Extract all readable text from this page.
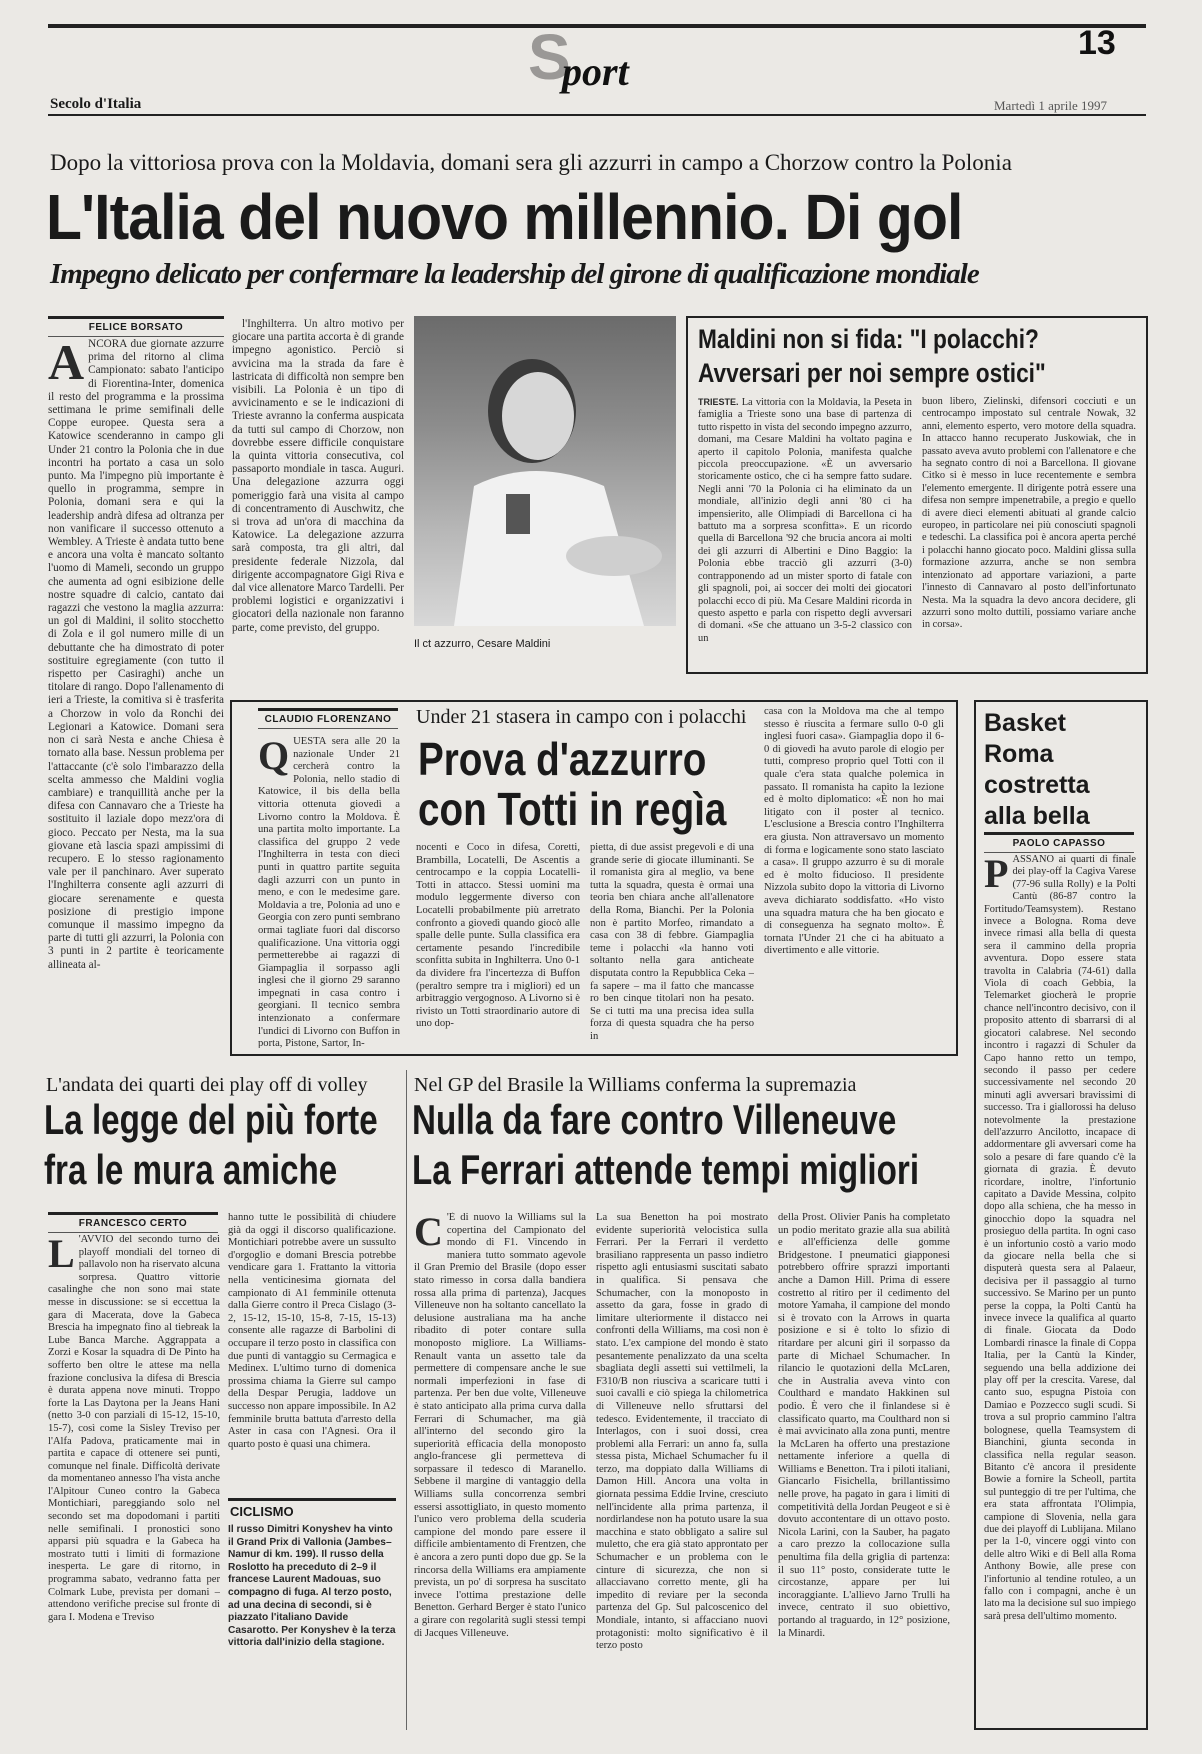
S
port
13
Secolo d'Italia	Martedì 1 aprile 1997
Dopo la vittoriosa prova con la Moldavia, domani sera gli azzurri in campo a Chorzow contro la Polonia
L'Italia del nuovo millennio. Di gol
Impegno delicato per confermare la leadership del girone di qualificazione mondiale
FELICE BORSATO
A NCORA due giornate azzurre prima del ritorno al clima Campionato: sabato l'anticipo di Fiorentina-Inter, domenica il resto del programma e la prossima settimana le prime semifinali delle Coppe europee. Questa sera a Katowice scenderanno in campo gli Under 21 contro la Polonia che in due incontri ha portato a casa un solo punto. Ma l'impegno più importante è quello in programma, sempre in Polonia, domani sera e qui la leadership andrà difesa ad oltranza per non vanificare il successo ottenuto a Wembley. A Trieste è andata tutto bene e ancora una volta è mancato soltanto l'uomo di Mameli, secondo un gruppo che aumenta ad ogni esibizione delle nostre squadre di calcio, cantato dai ragazzi che vestono la maglia azzurra: un gol di Maldini, il solito stocchetto di Zola e il gol numero mille di un debuttante che ha dimostrato di poter sostituire egregiamente (con tutto il rispetto per Casiraghi) anche un titolare di rango. Dopo l'allenamento di ieri a Trieste, la comitiva si è trasferita a Chorzow in volo da Ronchi dei Legionari a Katowice. Domani sera non ci sarà Nesta e anche Chiesa è tornato alla base. Nessun problema per l'attaccante (c'è solo l'imbarazzo della scelta ammesso che Maldini voglia cambiare) e tranquillità anche per la difesa con Cannavaro che a Trieste ha sostituito il laziale dopo mezz'ora di gioco. Peccato per Nesta, ma la sua giovane età lascia spazi ampissimi di recupero. E lo stesso ragionamento vale per il panchinaro. Aver superato l'Inghilterra consente agli azzurri di giocare serenamente e questa posizione di prestigio impone comunque il massimo impegno da parte di tutti gli azzurri, la Polonia con 3 punti in 2 partite è teoricamente allineata al-

l'Inghilterra. Un altro motivo per giocare una partita accorta è di grande impegno agonistico. Perciò si avvicina ma la strada da fare è lastricata di difficoltà non sempre ben visibili. La Polonia è un tipo di avvicinamento e se le indicazioni di Trieste avranno la conferma auspicata da tutti sul campo di Chorzow, non dovrebbe essere difficile conquistare la quinta vittoria consecutiva, col passaporto mondiale in tasca. Auguri. Una delegazione azzurra oggi pomeriggio farà una visita al campo di concentramento di Auschwitz, che si trova ad un'ora di macchina da Katowice. La delegazione azzurra sarà composta, tra gli altri, dal presidente federale Nizzola, dal dirigente accompagnatore Gigi Riva e dal vice allenatore Marco Tardelli. Per problemi logistici e organizzativi i giocatori della nazionale non faranno parte, come previsto, del gruppo.

Il ct azzurro, Cesare Maldini
Maldini non si fida: "I polacchi?
Avversari per noi sempre ostici"
TRIESTE. La vittoria con la Moldavia, la Peseta in famiglia a Trieste sono una base di partenza di tutto rispetto in vista del secondo impegno azzurro, domani, ma Cesare Maldini ha voltato pagina e aperto il capitolo Polonia, manifesta qualche piccola preoccupazione. «È un avversario storicamente ostico, che ci ha sempre fatto sudare. Negli anni '70 la Polonia ci ha eliminato da un mondiale, all'inizio degli anni '80 ci ha impensierito, alle Olimpiadi di Barcellona ci ha battuto ma a sorpresa sconfitta». E un ricordo quella di Barcellona '92 che brucia ancora ai molti dei gli azzurri di Albertini e Dino Baggio: la Polonia ebbe tracciò gli azzurri (3-0) contrapponendo ad un mister sporto di fatale con gli spagnoli, poi, ai soccer dei molti dei giocatori polacchi ecco di più. Ma Cesare Maldini ricorda in questo aspetto e parla con rispetto degli avversari di domani. «Se che attuano un 3-5-2 classico con un
buon libero, Zielinski, difensori cocciuti e un centrocampo impostato sul centrale Nowak, 32 anni, elemento esperto, vero motore della squadra. In attacco hanno recuperato Juskowiak, che in passato aveva avuto problemi con l'allenatore e che ha segnato contro di noi a Barcellona. Il giovane Citko si è messo in luce recentemente e sembra l'elemento emergente. Il dirigente potrà essere una difesa non sempre impenetrabile, a pregio e quello di avere dieci elementi abituati al grande calcio europeo, in particolare nei più conosciuti spagnoli e tedeschi. La classifica poi è ancora aperta perché i polacchi hanno giocato poco. Maldini glissa sulla formazione azzurra, anche se non sembra intenzionato ad apportare variazioni, a parte l'innesto di Cannavaro al posto dell'infortunato Nesta. Ma la squadra la devo ancora decidere, gli azzurri sono molto duttili, possiamo variare anche in corsa».
CLAUDIO FLORENZANO	Under 21 stasera in campo con i polacchi
Prova d'azzurro
con Totti in regìa
QUESTA sera alle 20 la nazionale Under 21 cercherà contro la Polonia, nello stadio di Katowice, il bis della bella vittoria ottenuta giovedì a Livorno contro la Moldova. È una partita molto importante. La classifica del gruppo 2 vede l'Inghilterra in testa con dieci punti in quattro partite seguita dagli azzurri con un punto in meno, e con le medesime gare. Moldavia a tre, Polonia ad uno e Georgia con zero punti sembrano ormai tagliate fuori dal discorso qualificazione. Una vittoria oggi permetterebbe ai ragazzi di Giampaglia il sorpasso agli inglesi che il giorno 29 saranno impegnati in casa contro i georgiani. Il tecnico sembra intenzionato a confermare l'undici di Livorno con Buffon in porta, Pistone, Sartor, In-
nocenti e Coco in difesa, Coretti, Brambilla, Locatelli, De Ascentis a centrocampo e la coppia Locatelli-Totti in attacco. Stessi uomini ma modulo leggermente diverso con Locatelli probabilmente più arretrato confronto a giovedì quando giocò alle spalle delle punte. Sulla classifica era certamente pesando l'incredibile sconfitta subita in Inghilterra. Uno 0-1 da dividere fra l'incertezza di Buffon (peraltro sempre tra i migliori) ed un arbitraggio vergognoso. A Livorno si è rivisto un Totti straordinario autore di uno dop-
pietta, di due assist pregevoli e di una grande serie di giocate illuminanti. Se il romanista gira al meglio, va bene tutta la squadra, questa è ormai una teoria ben chiara anche all'allenatore della Roma, Bianchi. Per la Polonia non è partito Morfeo, rimandato a casa con 38 di febbre. Giampaglia teme i polacchi «la hanno voti soltanto nella gara anticheate disputata contro la Repubblica Ceka – fa sapere – ma il fatto che mancasse ro ben cinque titolari non ha pesato. Se ci tutti ma una precisa idea sulla forza di questa squadra che ha perso in
casa con la Moldova ma che al tempo stesso è riuscita a fermare sullo 0-0 gli inglesi fuori casa». Giampaglia dopo il 6-0 di giovedì ha avuto parole di elogio per tutti, compreso proprio quel Totti con il quale c'era stata qualche polemica in passato. Il romanista ha capito la lezione ed è molto diplomatico: «È non ho mai litigato con il poster al tecnico. L'esclusione a Brescia contro l'Inghilterra era giusta. Non attraversavo un momento di forma e logicamente sono stato lasciato a casa». Il gruppo azzurro è su di morale ed è molto fiducioso. Il presidente Nizzola subito dopo la vittoria di Livorno aveva dichiarato soddisfatto. «Ho visto una squadra matura che ha ben giocato e di conseguenza ha segnato molto». È tornata l'Under 21 che ci ha abituato a divertimento e alle vittorie.
Basket Roma costretta alla bella
PAOLO CAPASSO
PASSANO ai quarti di finale dei play-off la Cagiva Varese (77-96 sulla Rolly) e la Polti Cantù (86-87 contro la Fortitudo/Teamsystem). Restano invece a Bologna. Roma deve invece rimasi alla bella di questa sera il cammino della propria avventura. Dopo essere stata travolta in Calabria (74-61) dalla Viola di coach Gebbia, la Telemarket giocherà le proprie chance nell'incontro decisivo, con il proposito attento di sbarrarsi di al giocatori calabrese. Nel secondo incontro i ragazzi di Schuler da Capo hanno retto un tempo, secondo il passo per cedere successivamente nel secondo 20 minuti agli avversari bravissimi di successo. Tra i giallorossi ha deluso notevolmente la prestazione dell'azzurro Ancilotto, incapace di addormentare gli avversari come ha solo a pesare di fare quando c'è la giornata di grazia. È devuto ricordare, inoltre, l'infortunio capitato a Davide Messina, colpito dopo alla schiena, che ha messo in ginocchio dopo la squadra nel prosieguo della partita. In ogni caso è un infortunio costò a vario modo da giocare nella bella che si disputerà questa sera al Palaeur, decisiva per il passaggio al turno successivo. Se Marino per un punto perse la coppa, la Polti Cantù ha invece invece la qualifica al quarto di finale. Giocata da Dodo Lombardi rinasce la finale di Coppa Italia, per la Cantù la Kinder, seguendo una bella addizione dei play off per la crescita. Varese, dal canto suo, espugna Pistoia con Damiao e Pozzecco sugli scudi. Si trova a sul proprio cammino l'altra bolognese, quella Teamsystem di Bianchini, giunta seconda in classifica nella regular season. Bitanto c'è ancora il presidente Bowie a fornire la Scheoll, partita sul punteggio di tre per l'ultima, che era stata affrontata l'Olimpia, campione di Slovenia, nella gara due dei playoff di Lublijana. Milano per la 1-0, vincere oggi vinto con delle altro Wiki e di Bell alla Roma Anthony Bowie, alle prese con l'infortunio al tendine rotuleo, a un fallo con i compagni, anche è un lato ma la decisione sul suo impiego sarà presa dell'ultimo momento.
L'andata dei quarti dei play off di volley
La legge del più forte
fra le mura amiche
FRANCESCO CERTO
L 'AVVIO del secondo turno dei playoff mondiali del torneo di pallavolo non ha riservato alcuna sorpresa. Quattro vittorie casalinghe che non sono mai state messe in discussione: se si eccettua la gara di Macerata, dove la Gabeca Brescia ha impegnato fino al tiebreak la Lube Banca Marche. Aggrappata a Zorzi e Kosar la squadra di De Pinto ha sofferto ben oltre le attese ma nella frazione conclusiva la difesa di Brescia è durata appena nove minuti. Troppo forte la Las Daytona per la Jeans Hani (netto 3-0 con parziali di 15-12, 15-10, 15-7), così come la Sisley Treviso per l'Alfa Padova, praticamente mai in partita e capace di ottenere sei punti, comunque nel finale. Difficoltà derivate da momentaneo annesso l'ha vista anche l'Alpitour Cuneo contro la Gabeca Montichiari, pareggiando solo nel secondo set ma dopodomani i partiti nelle semifinali. I pronostici sono apparsi più squadra e la Gabeca ha mostrato tutti i limiti di formazione inesperta. Le gare di ritorno, in programma sabato, vedranno fatta per Colmark Lube, prevista per domani – attendono verifiche precise sul fronte di gara I. Modena e Treviso
hanno tutte le possibilità di chiudere già da oggi il discorso qualificazione. Montichiari potrebbe avere un sussulto d'orgoglio e domani Brescia potrebbe vendicare gara 1. Frattanto la vittoria nella venticinesima giornata del campionato di A1 femminile ottenuta dalla Gierre contro il Preca Cislago (3-2, 15-12, 15-10, 15-8, 7-15, 15-13) consente alle ragazze di Barbolini di occupare il terzo posto in classifica con due punti di vantaggio su Cermagica e Medinex. L'ultimo turno di domenica prossima chiama la Gierre sul campo della Despar Perugia, laddove un successo non appare impossibile. In A2 femminile brutta battuta d'arresto della Aster in casa con l'Agnesi. Ora il quarto posto è quasi una chimera.
CICLISMO
Il russo Dimitri Konyshev ha vinto il Grand Prix di Vallonia (Jambes–Namur di km. 199). Il russo della Roslotto ha preceduto di 2–9 il francese Laurent Madouas, suo compagno di fuga. Al terzo posto, ad una decina di secondi, si è piazzato l'italiano Davide Casarotto. Per Konyshev è la terza vittoria dall'inizio della stagione.
Nel GP del Brasile la Williams conferma la supremazia
Nulla da fare contro Villeneuve
La Ferrari attende tempi migliori
C 'È di nuovo la Williams sul la copertina del Campionato del mondo di F1. Vincendo in maniera tutto sommato agevole il Gran Premio del Brasile (dopo esser stato rimesso in corsa dalla bandiera rossa alla prima di partenza), Jacques Villeneuve non ha soltanto cancellato la delusione australiana ma ha anche ribadito di poter contare sulla monoposto migliore. La Williams-Renault vanta un assetto tale da permettere di compensare anche le sue normali imperfezioni in fase di partenza. Per ben due volte, Villeneuve è stato anticipato alla prima curva dalla Ferrari di Schumacher, ma già all'interno del secondo giro la superiorità efficacia della monoposto anglo-francese gli permetteva di sorpassare il tedesco di Maranello. Sebbene il margine di vantaggio della Williams sulla concorrenza sembri essersi assottigliato, in questo momento l'unico vero problema della scuderia campione del mondo pare essere il difficile ambientamento di Frentzen, che è ancora a zero punti dopo due gp. Se la rincorsa della Williams era ampiamente prevista, un po' di sorpresa ha suscitato invece l'ottima prestazione delle Benetton. Gerhard Berger è stato l'unico a girare con regolarità sugli stessi tempi di Jacques Villeneuve.
La sua Benetton ha poi mostrato evidente superiorità velocistica sulla Ferrari. Per la Ferrari il verdetto brasiliano rappresenta un passo indietro rispetto agli entusiasmi suscitati sabato in qualifica. Si pensava che Schumacher, con la monoposto in assetto da gara, fosse in grado di limitare ulteriormente il distacco nei confronti della Williams, ma così non è stato. L'ex campione del mondo è stato pesantemente penalizzato da una scelta sbagliata degli assetti sui vettilmeli, la F310/B non riusciva a scaricare tutti i suoi cavalli e ciò spiega la chilometrica di Villeneuve nello sfruttarsi del tedesco. Evidentemente, il tracciato di Interlagos, con i suoi dossi, crea problemi alla Ferrari: un anno fa, sulla stessa pista, Michael Schumacher fu il terzo, ma doppiato dalla Williams di Damon Hill. Ancora una volta in giornata pessima Eddie Irvine, cresciuto nell'incidente alla prima partenza, il nordirlandese non ha potuto usare la sua macchina e stato obbligato a salire sul muletto, che era già stato approntato per Schumacher e un problema con le cinture di sicurezza, che non si allacciavano corretto mente, gli ha impedito di reviare per la seconda partenza del Gp. Sul palcoscenico del Mondiale, intanto, si affacciano nuovi protagonisti: molto significativo è il terzo posto
della Prost. Olivier Panis ha completato un podio meritato grazie alla sua abilità e all'efficienza delle gomme Bridgestone. I pneumatici giapponesi potrebbero offrire sprazzi importanti anche a Damon Hill. Prima di essere costretto al ritiro per il cedimento del motore Yamaha, il campione del mondo si è trovato con la Arrows in quarta posizione e si è tolto lo sfizio di ritardare per alcuni giri il sorpasso da parte di Michael Schumacher. In rilancio le quotazioni della McLaren, che in Australia aveva vinto con Coulthard e mandato Hakkinen sul podio. È vero che il finlandese si è classificato quarto, ma Coulthard non si è mai avvicinato alla zona punti, mentre la McLaren ha offerto una prestazione nettamente inferiore a quella di Williams e Benetton. Tra i piloti italiani, Giancarlo Fisichella, brillantissimo nelle prove, ha pagato in gara i limiti di competitività della Jordan Peugeot e si è dovuto accontentare di un ottavo posto. Nicola Larini, con la Sauber, ha pagato a caro prezzo la collocazione sulla penultima fila della griglia di partenza: il suo 11° posto, considerate tutte le circostanze, appare per lui incoraggiante. L'allievo Jarno Trulli ha invece, centrato il suo obiettivo, portando al traguardo, in 12° posizione, la Minardi.
